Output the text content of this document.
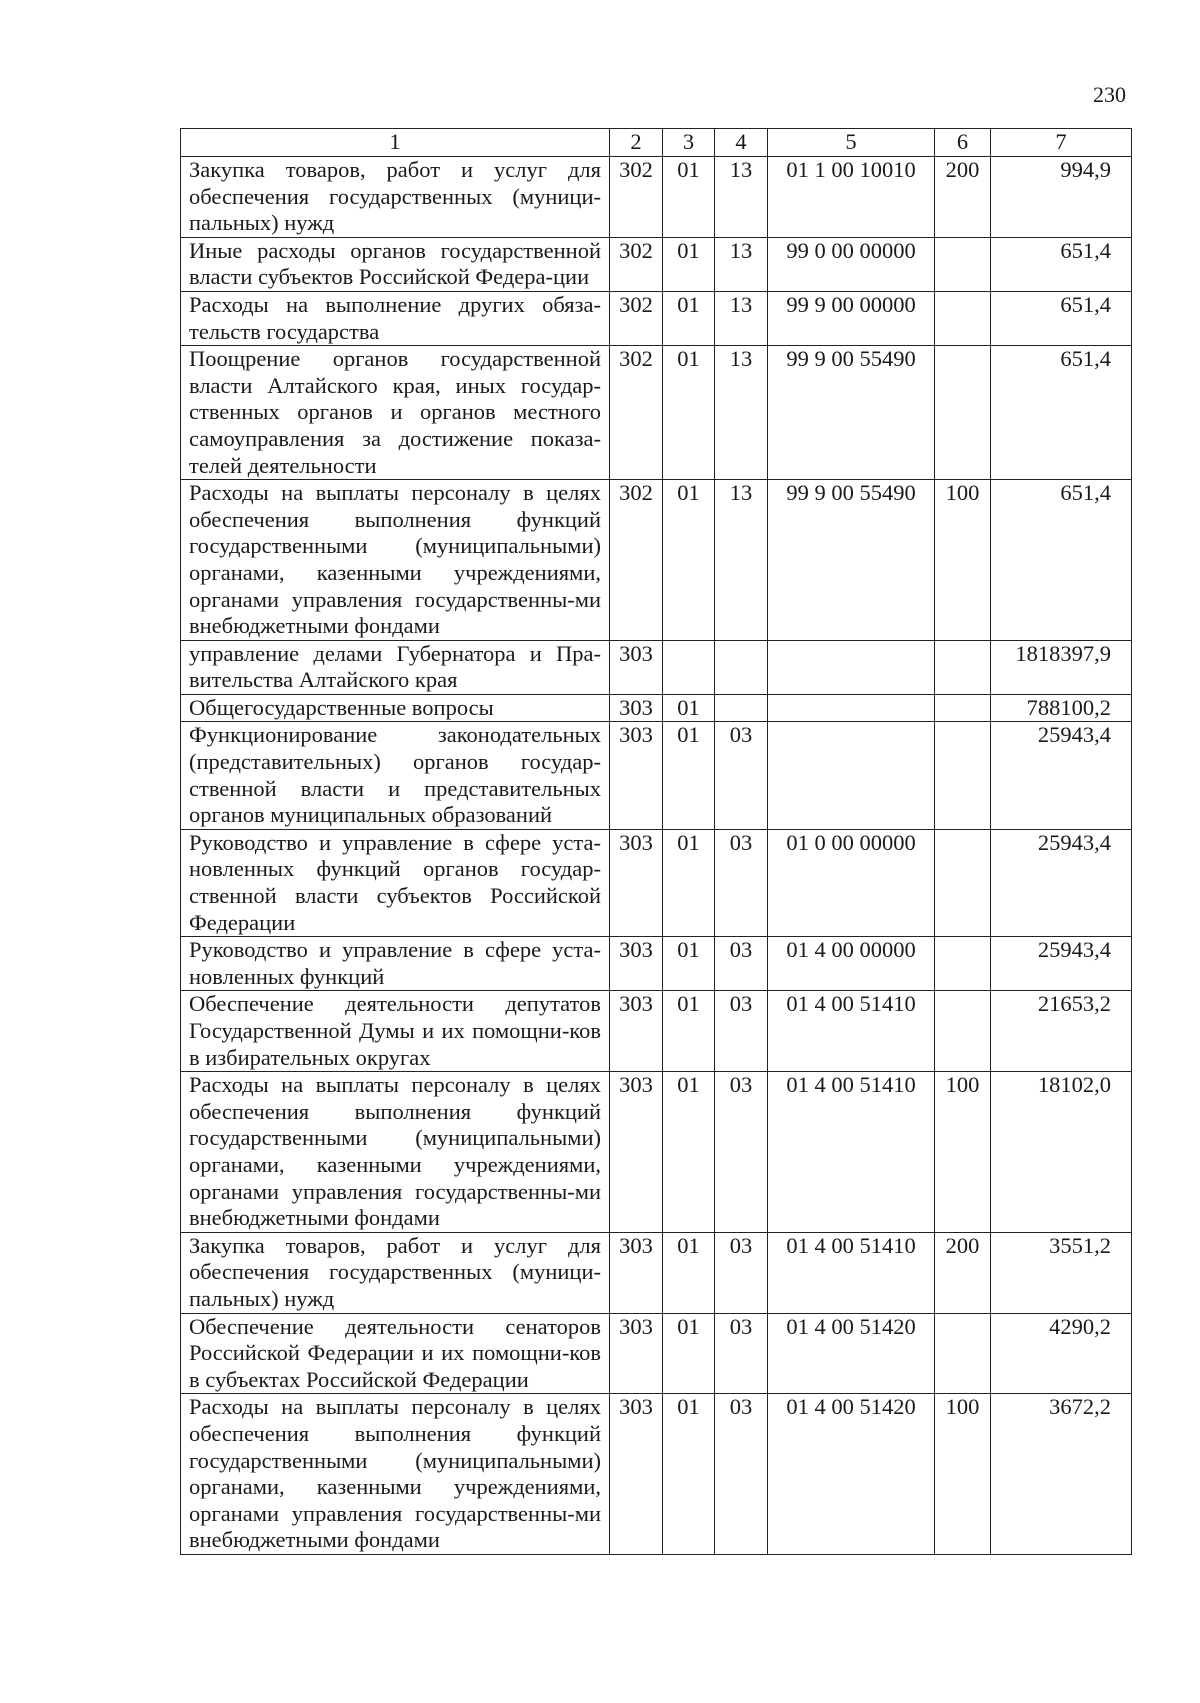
230
1	2	3	4	5	6	7
Закупка товаров, работ и услуг для обеспечения государственных (муници-пальных) нужд	302	01	13	01 1 00 10010	200	994,9
Иные расходы органов государственной власти субъектов Российской Федера-ции	302	01	13	99 0 00 00000		651,4
Расходы на выполнение других обяза-тельств государства	302	01	13	99 9 00 00000		651,4
Поощрение органов государственной власти Алтайского края, иных государ-ственных органов и органов местного самоуправления за достижение показа-телей деятельности	302	01	13	99 9 00 55490		651,4
Расходы на выплаты персоналу в целях обеспечения выполнения функций государственными (муниципальными) органами, казенными учреждениями, органами управления государственны-ми внебюджетными фондами	302	01	13	99 9 00 55490	100	651,4
управление делами Губернатора и Пра-вительства Алтайского края	303					1818397,9
Общегосударственные вопросы	303	01				788100,2
Функционирование законодательных (представительных) органов государ-ственной власти и представительных органов муниципальных образований	303	01	03			25943,4
Руководство и управление в сфере уста-новленных функций органов государ-ственной власти субъектов Российской Федерации	303	01	03	01 0 00 00000		25943,4
Руководство и управление в сфере уста-новленных функций	303	01	03	01 4 00 00000		25943,4
Обеспечение деятельности депутатов Государственной Думы и их помощни-ков в избирательных округах	303	01	03	01 4 00 51410		21653,2
Расходы на выплаты персоналу в целях обеспечения выполнения функций государственными (муниципальными) органами, казенными учреждениями, органами управления государственны-ми внебюджетными фондами	303	01	03	01 4 00 51410	100	18102,0
Закупка товаров, работ и услуг для обеспечения государственных (муници-пальных) нужд	303	01	03	01 4 00 51410	200	3551,2
Обеспечение деятельности сенаторов Российской Федерации и их помощни-ков в субъектах Российской Федерации	303	01	03	01 4 00 51420		4290,2
Расходы на выплаты персоналу в целях обеспечения выполнения функций государственными (муниципальными) органами, казенными учреждениями, органами управления государственны-ми внебюджетными фондами	303	01	03	01 4 00 51420	100	3672,2
